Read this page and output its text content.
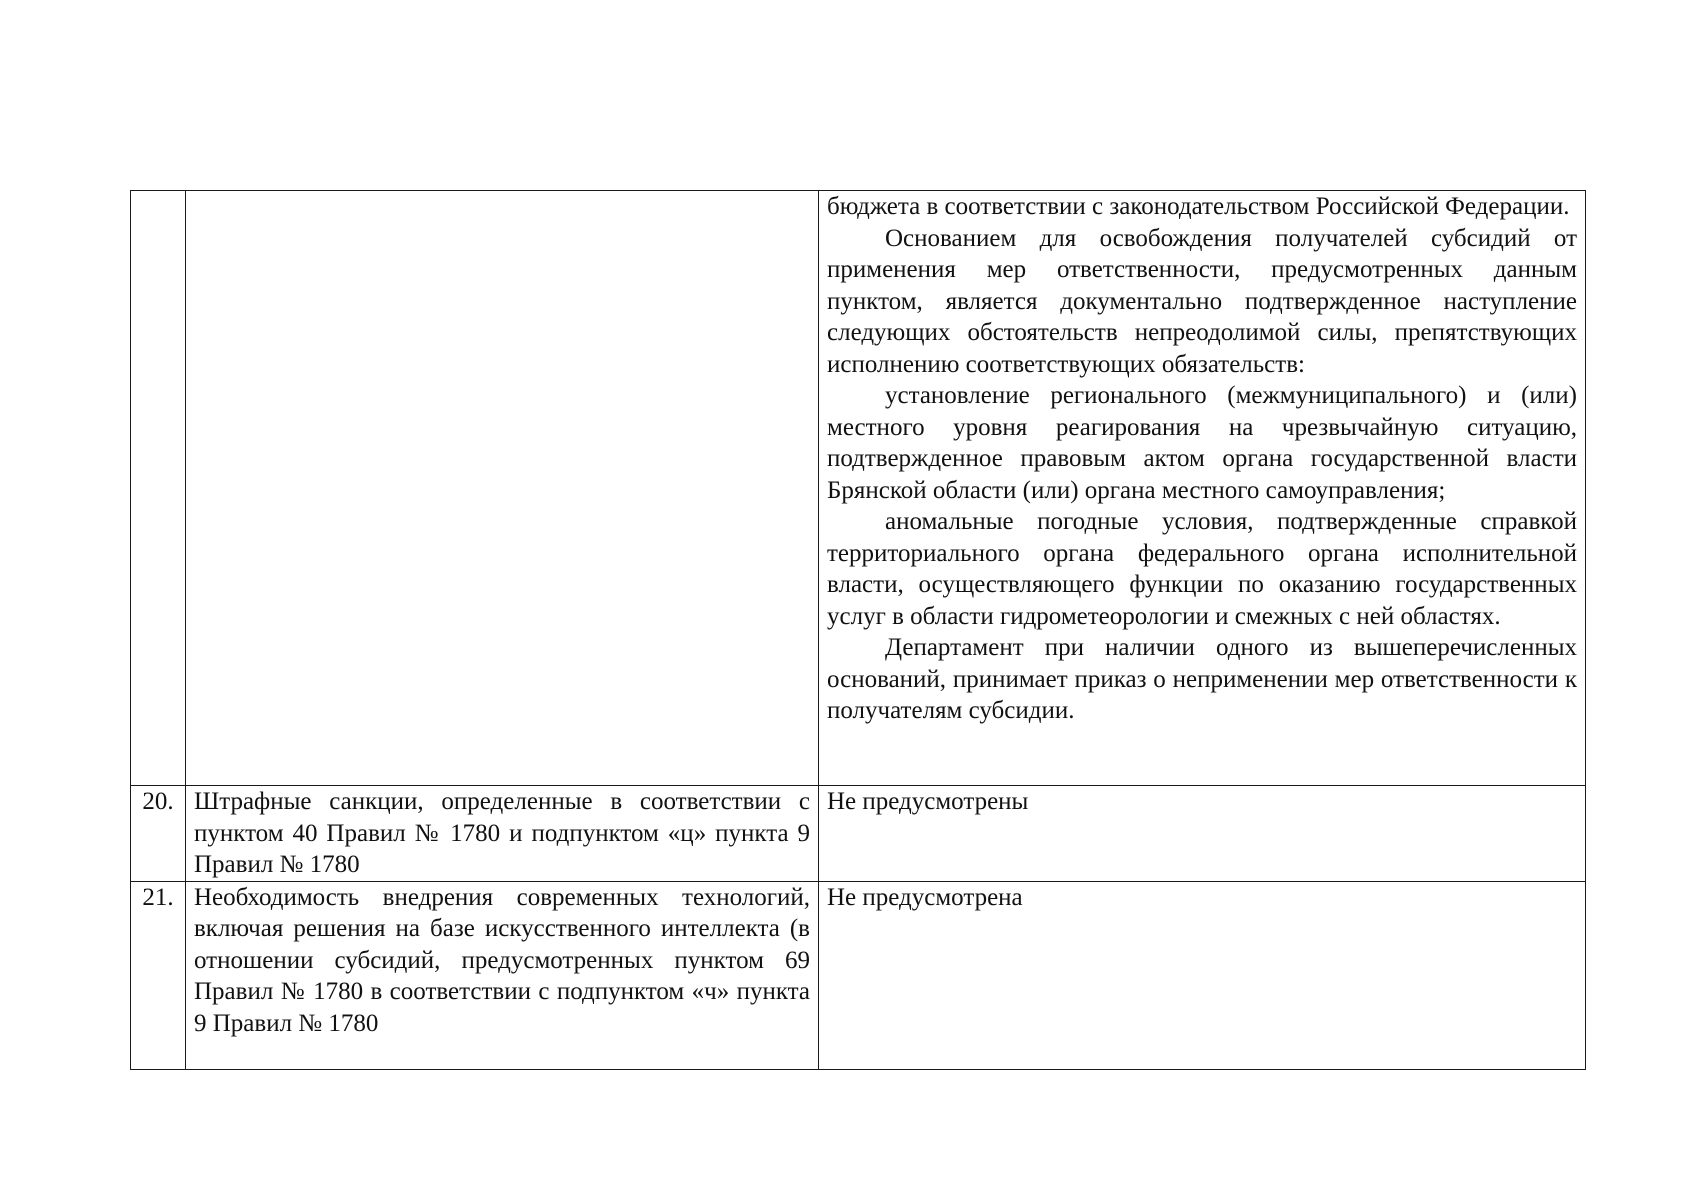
		бюджета в соответствии с законодательством Российской Федерации.

Основанием для освобождения получателей субсидий от применения мер ответственности, предусмотренных данным пунктом, является документально подтвержденное наступление следующих обстоятельств непреодолимой силы, препятствующих исполнению соответствующих обязательств:

установление регионального (межмуниципального) и (или) местного уровня реагирования на чрезвычайную ситуацию, подтвержденное правовым актом органа государственной власти Брянской области (или) органа местного самоуправления;

аномальные погодные условия, подтвержденные справкой территориального органа федерального органа исполнительной власти, осуществляющего функции по оказанию государственных услуг в области гидрометеорологии и смежных с ней областях.

Департамент при наличии одного из вышеперечисленных оснований, принимает приказ о неприменении мер ответственности к получателям субсидии.

20.	Штрафные санкции, определенные в соответствии с пунктом 40 Правил № 1780 и подпунктом «ц» пункта 9 Правил № 1780	Не предусмотрены

21.	Необходимость внедрения современных технологий, включая решения на базе искусственного интеллекта (в отношении субсидий, предусмотренных пунктом 69 Правил № 1780 в соответствии с подпунктом «ч» пункта 9 Правил № 1780	Не предусмотрена
